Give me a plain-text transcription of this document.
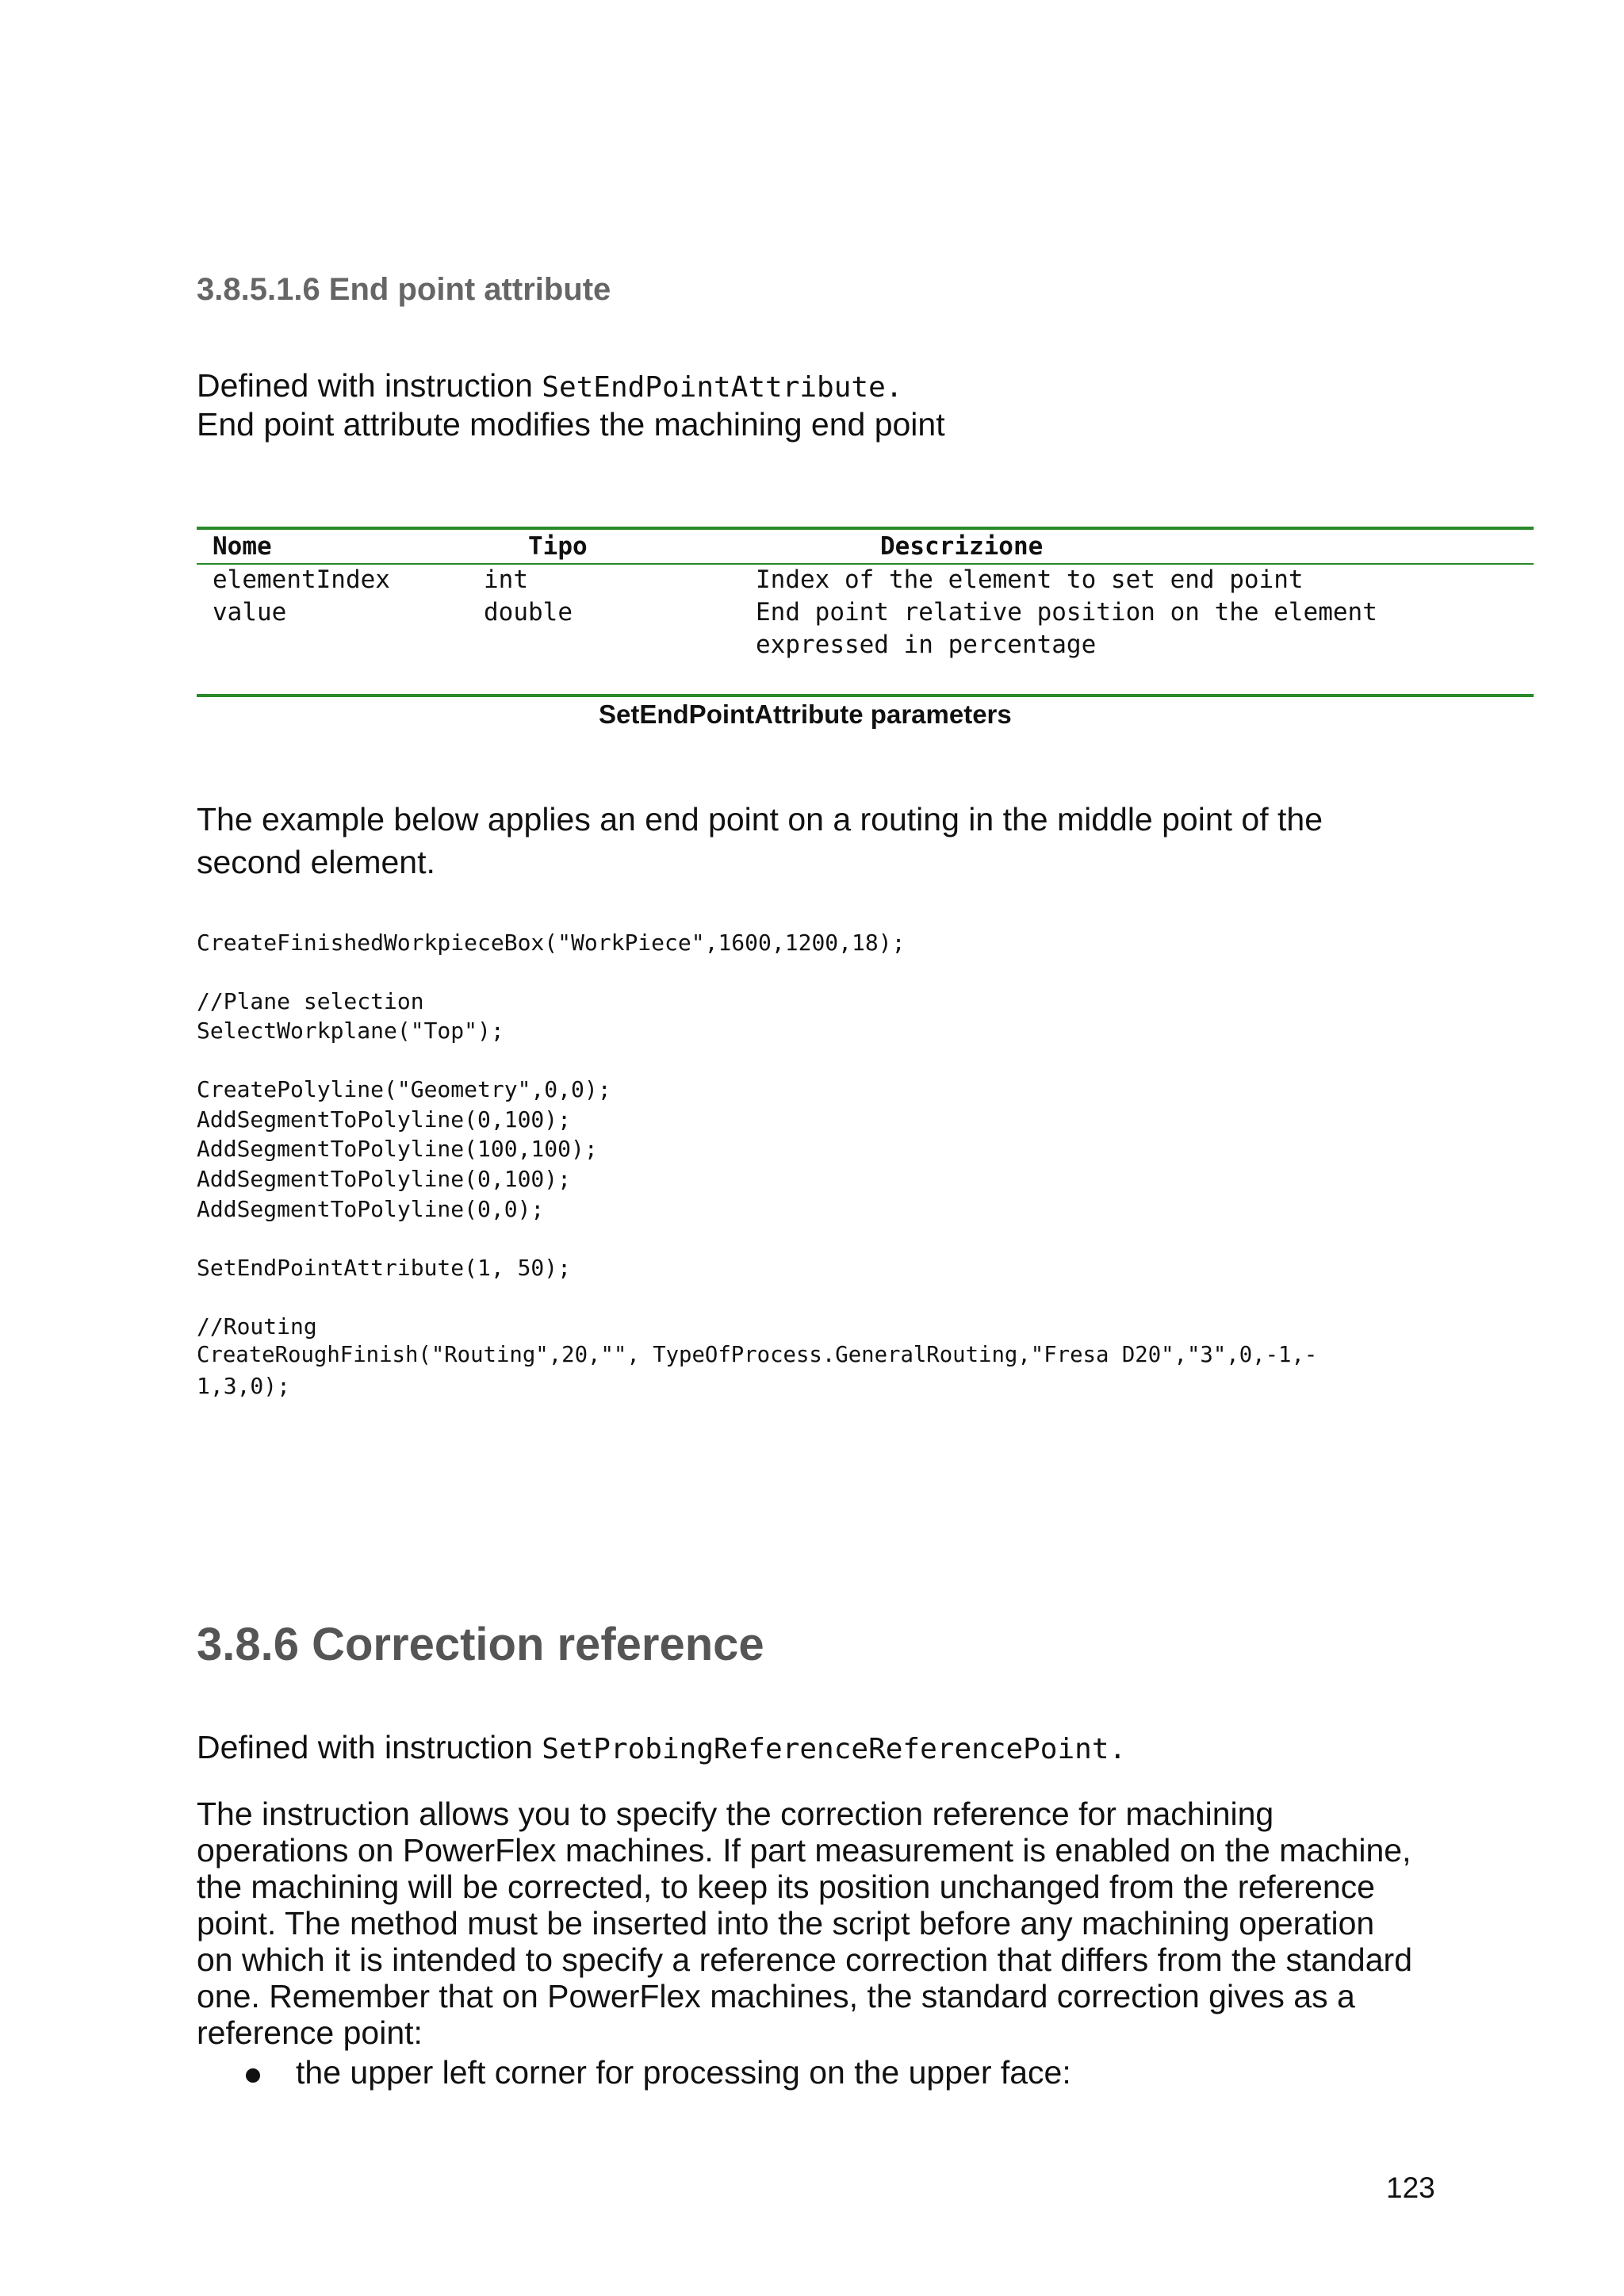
3.8.5.1.6 End point attribute
Defined with instruction SetEndPointAttribute.
End point attribute modifies the machining end point
Nome	Tipo	Descrizione
elementIndex	int	Index of the element to set end point
value	double	End point relative position on the element
expressed in percentage
SetEndPointAttribute parameters
The example below applies an end point on a routing in the middle point of the
second element.
CreateFinishedWorkpieceBox("WorkPiece",1600,1200,18);
//Plane selection
SelectWorkplane("Top");
CreatePolyline("Geometry",0,0);
AddSegmentToPolyline(0,100);
AddSegmentToPolyline(100,100);
AddSegmentToPolyline(0,100);
AddSegmentToPolyline(0,0);
SetEndPointAttribute(1, 50);
//Routing
CreateRoughFinish("Routing",20,"", TypeOfProcess.GeneralRouting,"Fresa D20","3",0,-1,-
1,3,0);
3.8.6 Correction reference
Defined with instruction SetProbingReferenceReferencePoint.
The instruction allows you to specify the correction reference for machining
operations on PowerFlex machines. If part measurement is enabled on the machine,
the machining will be corrected, to keep its position unchanged from the reference
point. The method must be inserted into the script before any machining operation
on which it is intended to specify a reference correction that differs from the standard
one. Remember that on PowerFlex machines, the standard correction gives as a
reference point:
the upper left corner for processing on the upper face:
123
